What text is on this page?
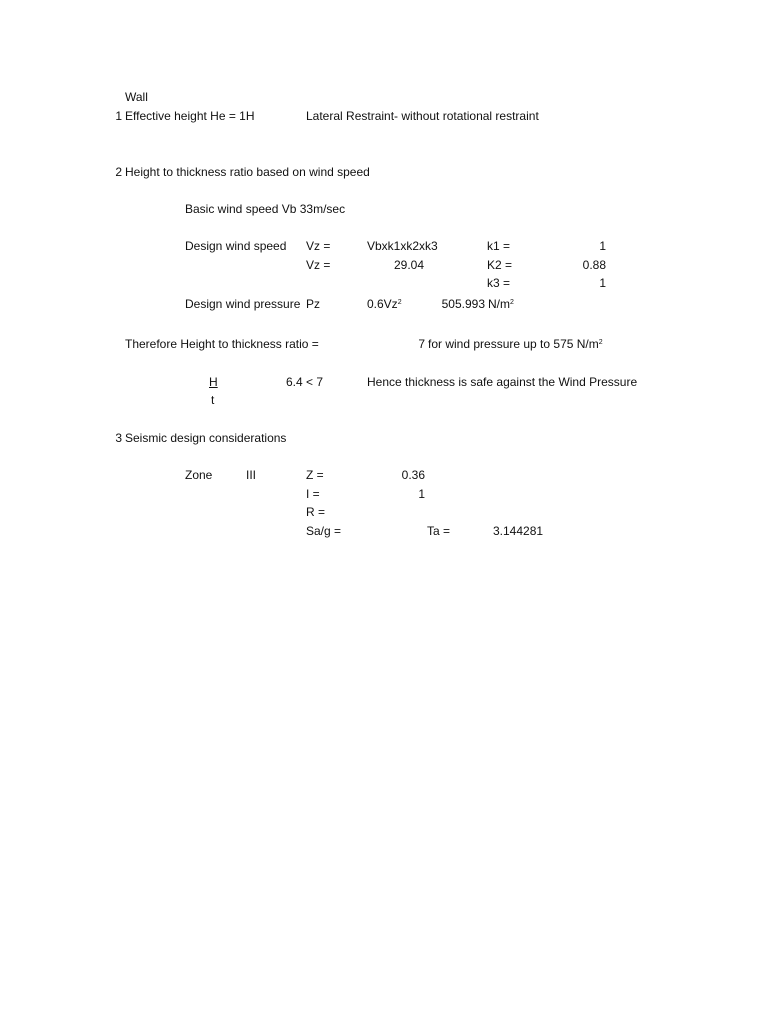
Wall
1 Effective height He = 1H	Lateral Restraint- without rotational restraint
2 Height to thickness ratio based on wind speed
Basic wind speed Vb 33m/sec
Design wind speed Vz =	Vbxk1xk2xk3	k1 =	1
Vz =	29.04	K2 =	0.88
k3 =	1
Design wind pressure Pz	0.6Vz$^2$	505.993 $N/m^2$
Therefore Height to thickness ratio =	7 for wind pressure up to 575 $N/m^2$
H
t
6.4 < 7	Hence thickness is safe against the Wind Pressure
3 Seismic design considerations
Zone	III	Z =	0.36
I =	1
R =
Sa/g =	Ta =	3.144281
